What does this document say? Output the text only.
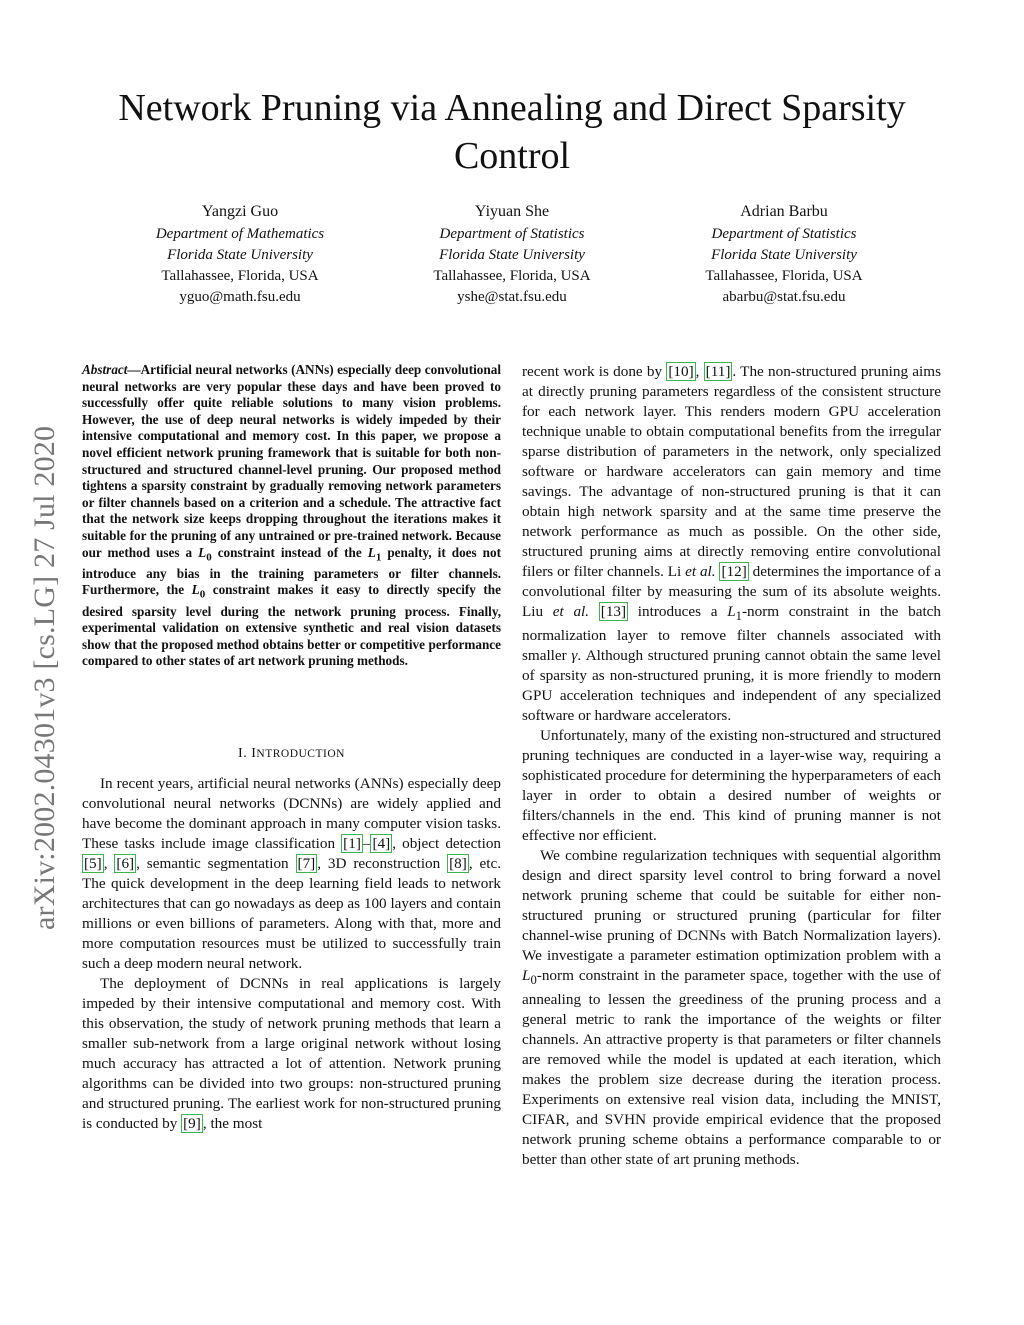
Network Pruning via Annealing and Direct Sparsity Control
Yangzi Guo
Department of Mathematics
Florida State University
Tallahassee, Florida, USA
yguo@math.fsu.edu
Yiyuan She
Department of Statistics
Florida State University
Tallahassee, Florida, USA
yshe@stat.fsu.edu
Adrian Barbu
Department of Statistics
Florida State University
Tallahassee, Florida, USA
abarbu@stat.fsu.edu
arXiv:2002.04301v3 [cs.LG] 27 Jul 2020

Abstract—Artificial neural networks (ANNs) especially deep convolutional neural networks are very popular these days and have been proved to successfully offer quite reliable solutions to many vision problems. However, the use of deep neural networks is widely impeded by their intensive computational and memory cost. In this paper, we propose a novel efficient network pruning framework that is suitable for both non-structured and structured channel-level pruning. Our proposed method tightens a sparsity constraint by gradually removing network parameters or filter channels based on a criterion and a schedule. The attractive fact that the network size keeps dropping throughout the iterations makes it suitable for the pruning of any untrained or pre-trained network. Because our method uses a $L_0$ constraint instead of the $L_1$ penalty, it does not introduce any bias in the training parameters or filter channels. Furthermore, the $L_0$ constraint makes it easy to directly specify the desired sparsity level during the network pruning process. Finally, experimental validation on extensive synthetic and real vision datasets show that the proposed method obtains better or competitive performance compared to other states of art network pruning methods.

I. INTRODUCTION

In recent years, artificial neural networks (ANNs) especially deep convolutional neural networks (DCNNs) are widely applied and have become the dominant approach in many computer vision tasks. These tasks include image classification [1] – [4] , object detection [5] , [6] , semantic segmentation [7] , 3D reconstruction [8] , etc. The quick development in the deep learning field leads to network architectures that can go nowadays as deep as 100 layers and contain millions or even billions of parameters. Along with that, more and more computation resources must be utilized to successfully train such a deep modern neural network.

The deployment of DCNNs in real applications is largely impeded by their intensive computational and memory cost. With this observation, the study of network pruning methods that learn a smaller sub-network from a large original network without losing much accuracy has attracted a lot of attention. Network pruning algorithms can be divided into two groups: non-structured pruning and structured pruning. The earliest work for non-structured pruning is conducted by [9] , the most

recent work is done by [10] , [11] . The non-structured pruning aims at directly pruning parameters regardless of the consistent structure for each network layer. This renders modern GPU acceleration technique unable to obtain computational benefits from the irregular sparse distribution of parameters in the network, only specialized software or hardware accelerators can gain memory and time savings. The advantage of non-structured pruning is that it can obtain high network sparsity and at the same time preserve the network performance as much as possible. On the other side, structured pruning aims at directly removing entire convolutional filers or filter channels. Li et al. [12] determines the importance of a convolutional filter by measuring the sum of its absolute weights. Liu et al. [13] introduces a $L_1$-norm constraint in the batch normalization layer to remove filter channels associated with smaller γ. Although structured pruning cannot obtain the same level of sparsity as non-structured pruning, it is more friendly to modern GPU acceleration techniques and independent of any specialized software or hardware accelerators.

Unfortunately, many of the existing non-structured and structured pruning techniques are conducted in a layer-wise way, requiring a sophisticated procedure for determining the hyperparameters of each layer in order to obtain a desired number of weights or filters/channels in the end. This kind of pruning manner is not effective nor efficient.

We combine regularization techniques with sequential algorithm design and direct sparsity level control to bring forward a novel network pruning scheme that could be suitable for either non-structured pruning or structured pruning (particular for filter channel-wise pruning of DCNNs with Batch Normalization layers). We investigate a parameter estimation optimization problem with a $L_0$-norm constraint in the parameter space, together with the use of annealing to lessen the greediness of the pruning process and a general metric to rank the importance of the weights or filter channels. An attractive property is that parameters or filter channels are removed while the model is updated at each iteration, which makes the problem size decrease during the iteration process. Experiments on extensive real vision data, including the MNIST, CIFAR, and SVHN provide empirical evidence that the proposed network pruning scheme obtains a performance comparable to or better than other state of art pruning methods.
